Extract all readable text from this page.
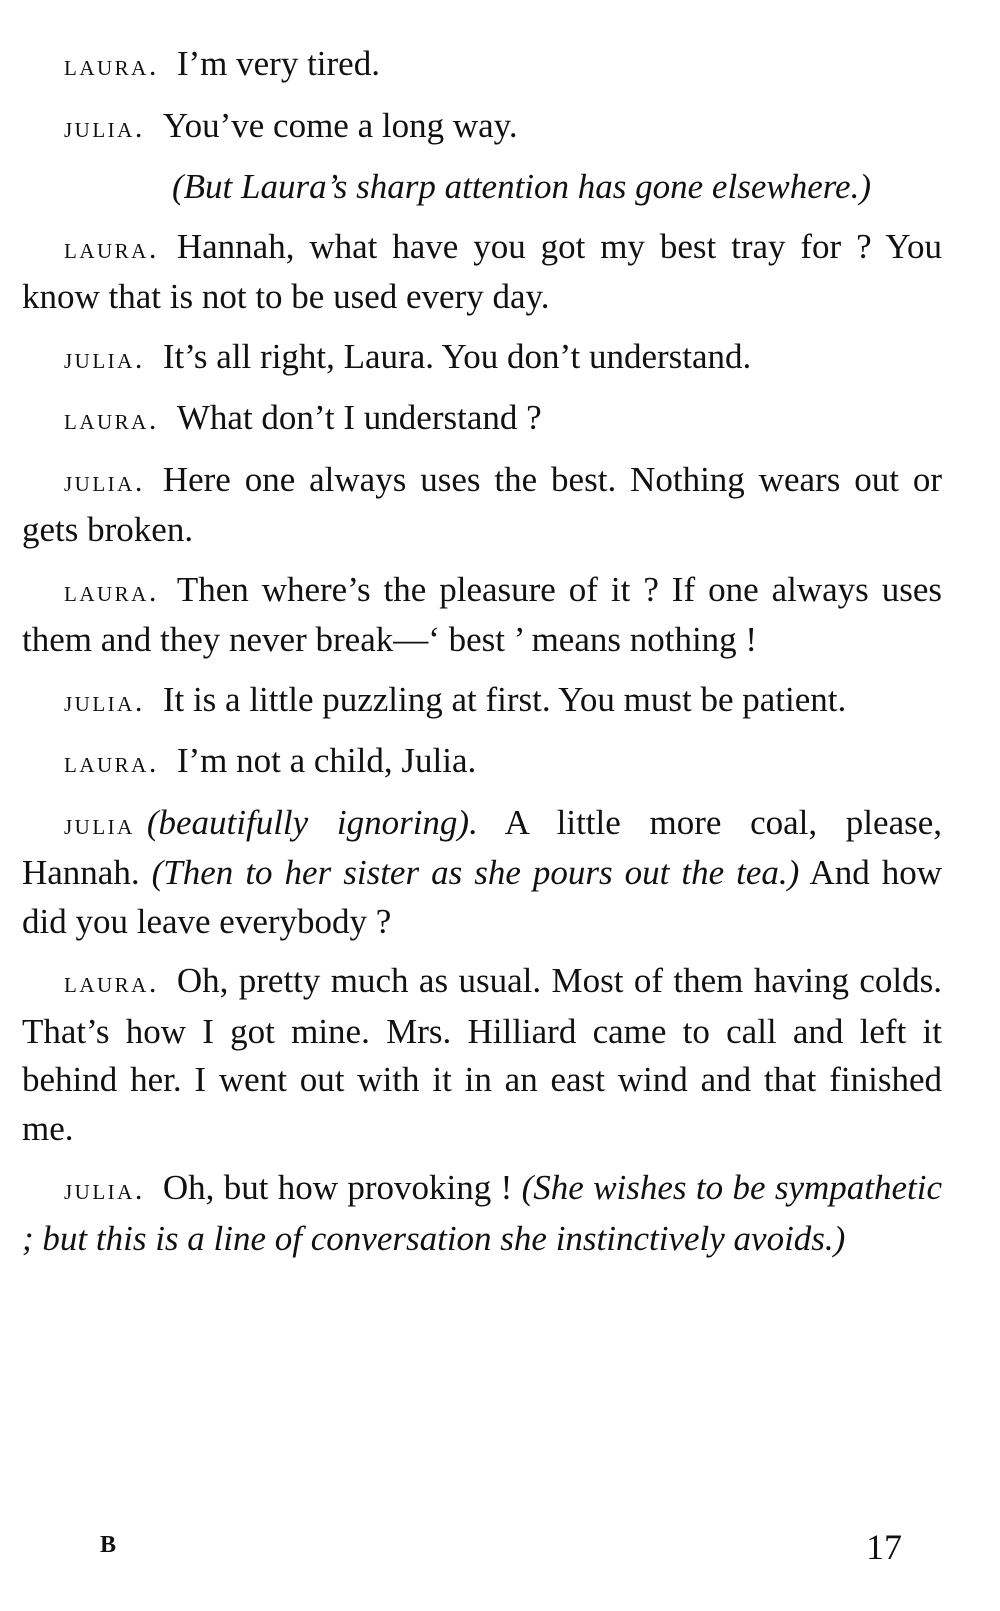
laura. I’m very tired.

julia. You’ve come a long way.

(But Laura’s sharp attention has gone elsewhere.)

laura. Hannah, what have you got my best tray for ? You know that is not to be used every day.

julia. It’s all right, Laura. You don’t understand.

laura. What don’t I understand ?

julia. Here one always uses the best. Nothing wears out or gets broken.

laura. Then where’s the pleasure of it ? If one always uses them and they never break—‘ best ’ means nothing !

julia. It is a little puzzling at first. You must be patient.

laura. I’m not a child, Julia.

julia (beautifully ignoring). A little more coal, please, Hannah. (Then to her sister as she pours out the tea.) And how did you leave everybody ?

laura. Oh, pretty much as usual. Most of them having colds. That’s how I got mine. Mrs. Hilliard came to call and left it behind her. I went out with it in an east wind and that finished me.

julia. Oh, but how provoking ! (She wishes to be sympathetic ; but this is a line of conversation she instinctively avoids.)

B	17
